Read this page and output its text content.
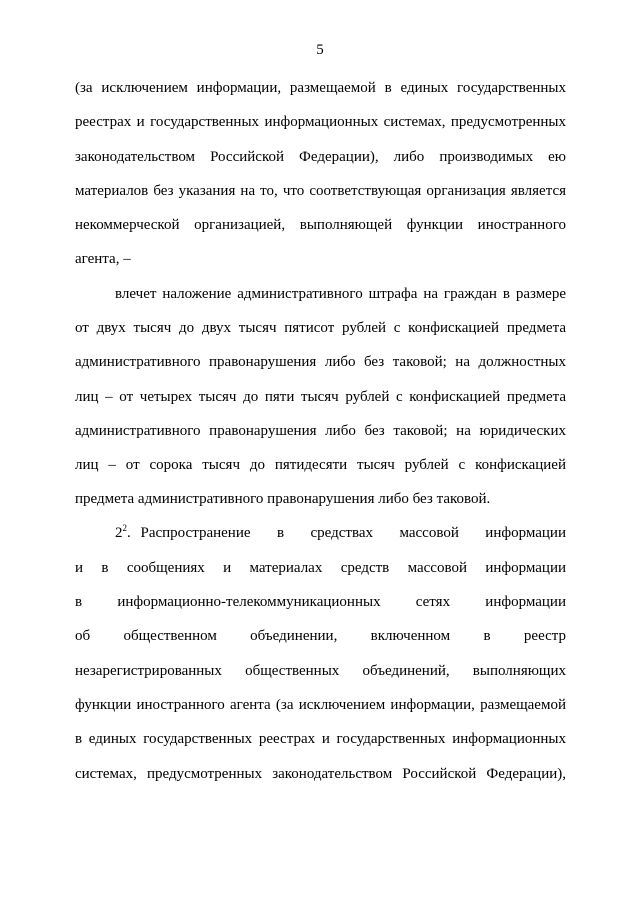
5
(за исключением информации, размещаемой в единых государственных
реестрах и государственных информационных системах, предусмотренных
законодательством Российской Федерации), либо производимых ею
материалов без указания на то, что соответствующая организация является
некоммерческой организацией, выполняющей функции иностранного
агента, –
влечет наложение административного штрафа на граждан в размере
от двух тысяч до двух тысяч пятисот рублей с конфискацией предмета
административного правонарушения либо без таковой; на должностных
лиц – от четырех тысяч до пяти тысяч рублей с конфискацией предмета
административного правонарушения либо без таковой; на юридических
лиц – от сорока тысяч до пятидесяти тысяч рублей с конфискацией
предмета административного правонарушения либо без таковой.
$2^2$. Распространение в средствах массовой информации
и в сообщениях и материалах средств массовой информации
в информационно-телекоммуникационных сетях информации
об общественном объединении, включенном в реестр
незарегистрированных общественных объединений, выполняющих
функции иностранного агента (за исключением информации, размещаемой
в единых государственных реестрах и государственных информационных
системах, предусмотренных законодательством Российской Федерации),
